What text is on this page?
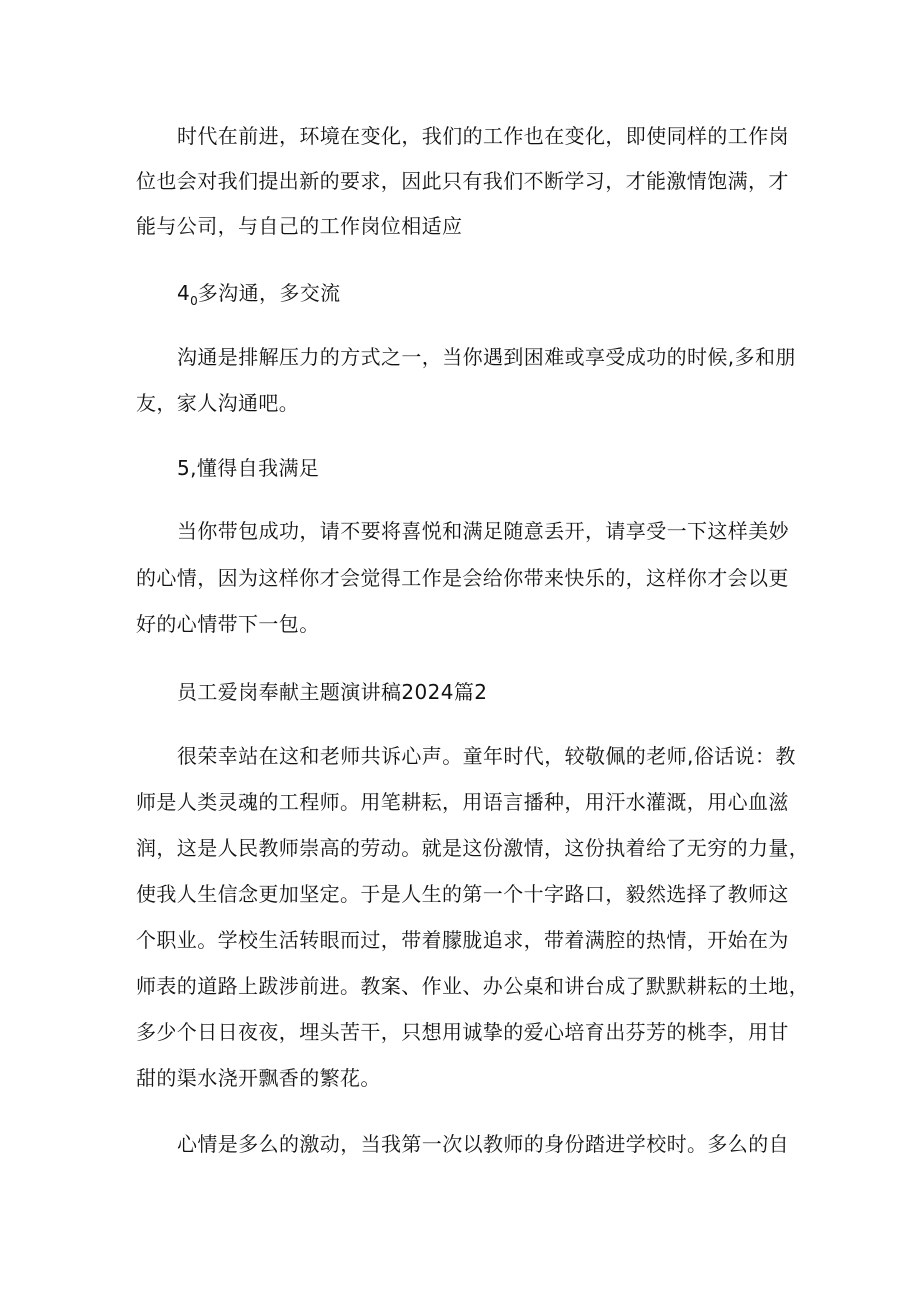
时代在前进，环境在变化，我们的工作也在变化，即使同样的工作岗
位也会对我们提出新的要求，因此只有我们不断学习，才能激情饱满，才
能与公司，与自己的工作岗位相适应
$4_0$多沟通，多交流
沟通是排解压力的方式之一，当你遇到困难或享受成功的时候,多和朋
友，家人沟通吧。
5,懂得自我满足
当你带包成功，请不要将喜悦和满足随意丢开，请享受一下这样美妙
的心情，因为这样你才会觉得工作是会给你带来快乐的，这样你才会以更
好的心情带下一包。
员工爱岗奉献主题演讲稿2024篇2
很荣幸站在这和老师共诉心声。童年时代，较敬佩的老师,俗话说：教
师是人类灵魂的工程师。用笔耕耘，用语言播种，用汗水灌溉，用心血滋
润，这是人民教师崇高的劳动。就是这份激情，这份执着给了无穷的力量，
使我人生信念更加坚定。于是人生的第一个十字路口，毅然选择了教师这
个职业。学校生活转眼而过，带着朦胧追求，带着满腔的热情，开始在为
师表的道路上跋涉前进。教案、作业、办公桌和讲台成了默默耕耘的土地，
多少个日日夜夜，埋头苦干，只想用诚挚的爱心培育出芬芳的桃李，用甘
甜的渠水浇开飘香的繁花。
心情是多么的激动，当我第一次以教师的身份踏进学校时。多么的自
